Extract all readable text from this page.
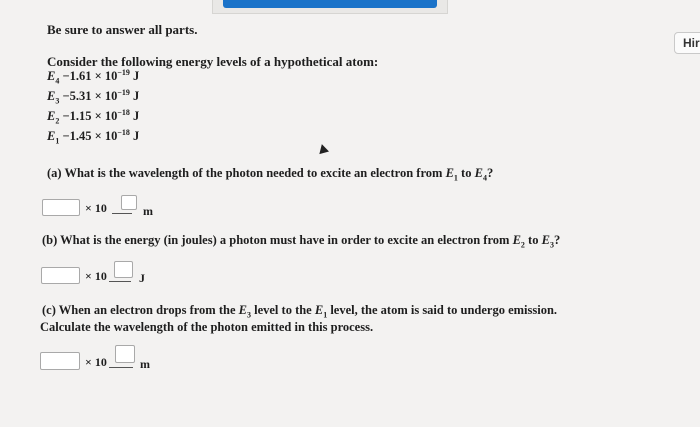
Hir
Be sure to answer all parts.
Consider the following energy levels of a hypothetical atom:
$E_4 -1.61 \times 10^{-19}$ J
$E_3 -5.31 \times 10^{-19}$ J
$E_2 -1.15 \times 10^{-18}$ J
$E_1 -1.45 \times 10^{-18}$ J
(a) What is the wavelength of the photon needed to excite an electron from $E_1$ to $E_4$?
× 10	m
(b) What is the energy (in joules) a photon must have in order to excite an electron from $E_2$ to $E_3$?
× 10	J
(c) When an electron drops from the $E_3$ level to the $E_1$ level, the atom is said to undergo emission.
Calculate the wavelength of the photon emitted in this process.
× 10	m
